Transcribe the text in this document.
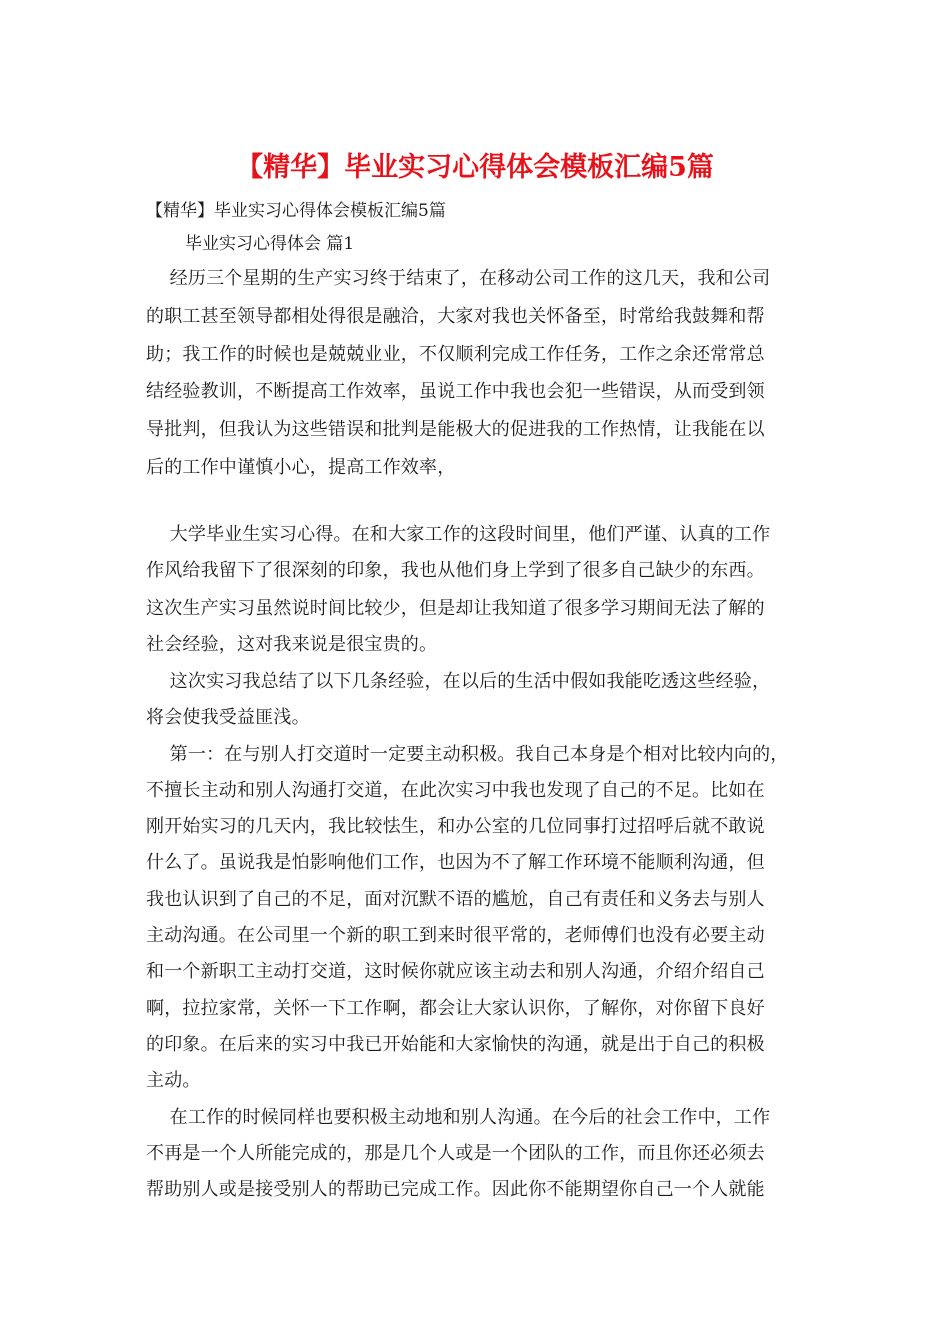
【精华】毕业实习心得体会模板汇编5篇
【精华】毕业实习心得体会模板汇编5篇
毕业实习心得体会 篇1
经历三个星期的生产实习终于结束了，在移动公司工作的这几天，我和公司
的职工甚至领导都相处得很是融洽，大家对我也关怀备至，时常给我鼓舞和帮
助；我工作的时候也是兢兢业业，不仅顺利完成工作任务，工作之余还常常总
结经验教训，不断提高工作效率，虽说工作中我也会犯一些错误，从而受到领
导批判，但我认为这些错误和批判是能极大的促进我的工作热情，让我能在以
后的工作中谨慎小心，提高工作效率，
大学毕业生实习心得。在和大家工作的这段时间里，他们严谨、认真的工作
作风给我留下了很深刻的印象，我也从他们身上学到了很多自己缺少的东西。
这次生产实习虽然说时间比较少，但是却让我知道了很多学习期间无法了解的
社会经验，这对我来说是很宝贵的。
这次实习我总结了以下几条经验，在以后的生活中假如我能吃透这些经验，
将会使我受益匪浅。
第一：在与别人打交道时一定要主动积极。我自己本身是个相对比较内向的，
不擅长主动和别人沟通打交道，在此次实习中我也发现了自己的不足。比如在
刚开始实习的几天内，我比较怯生，和办公室的几位同事打过招呼后就不敢说
什么了。虽说我是怕影响他们工作，也因为不了解工作环境不能顺利沟通，但
我也认识到了自己的不足，面对沉默不语的尴尬，自己有责任和义务去与别人
主动沟通。在公司里一个新的职工到来时很平常的，老师傅们也没有必要主动
和一个新职工主动打交道，这时候你就应该主动去和别人沟通，介绍介绍自己
啊，拉拉家常，关怀一下工作啊，都会让大家认识你，了解你，对你留下良好
的印象。在后来的实习中我已开始能和大家愉快的沟通，就是出于自己的积极
主动。
在工作的时候同样也要积极主动地和别人沟通。在今后的社会工作中，工作
不再是一个人所能完成的，那是几个人或是一个团队的工作，而且你还必须去
帮助别人或是接受别人的帮助已完成工作。因此你不能期望你自己一个人就能
